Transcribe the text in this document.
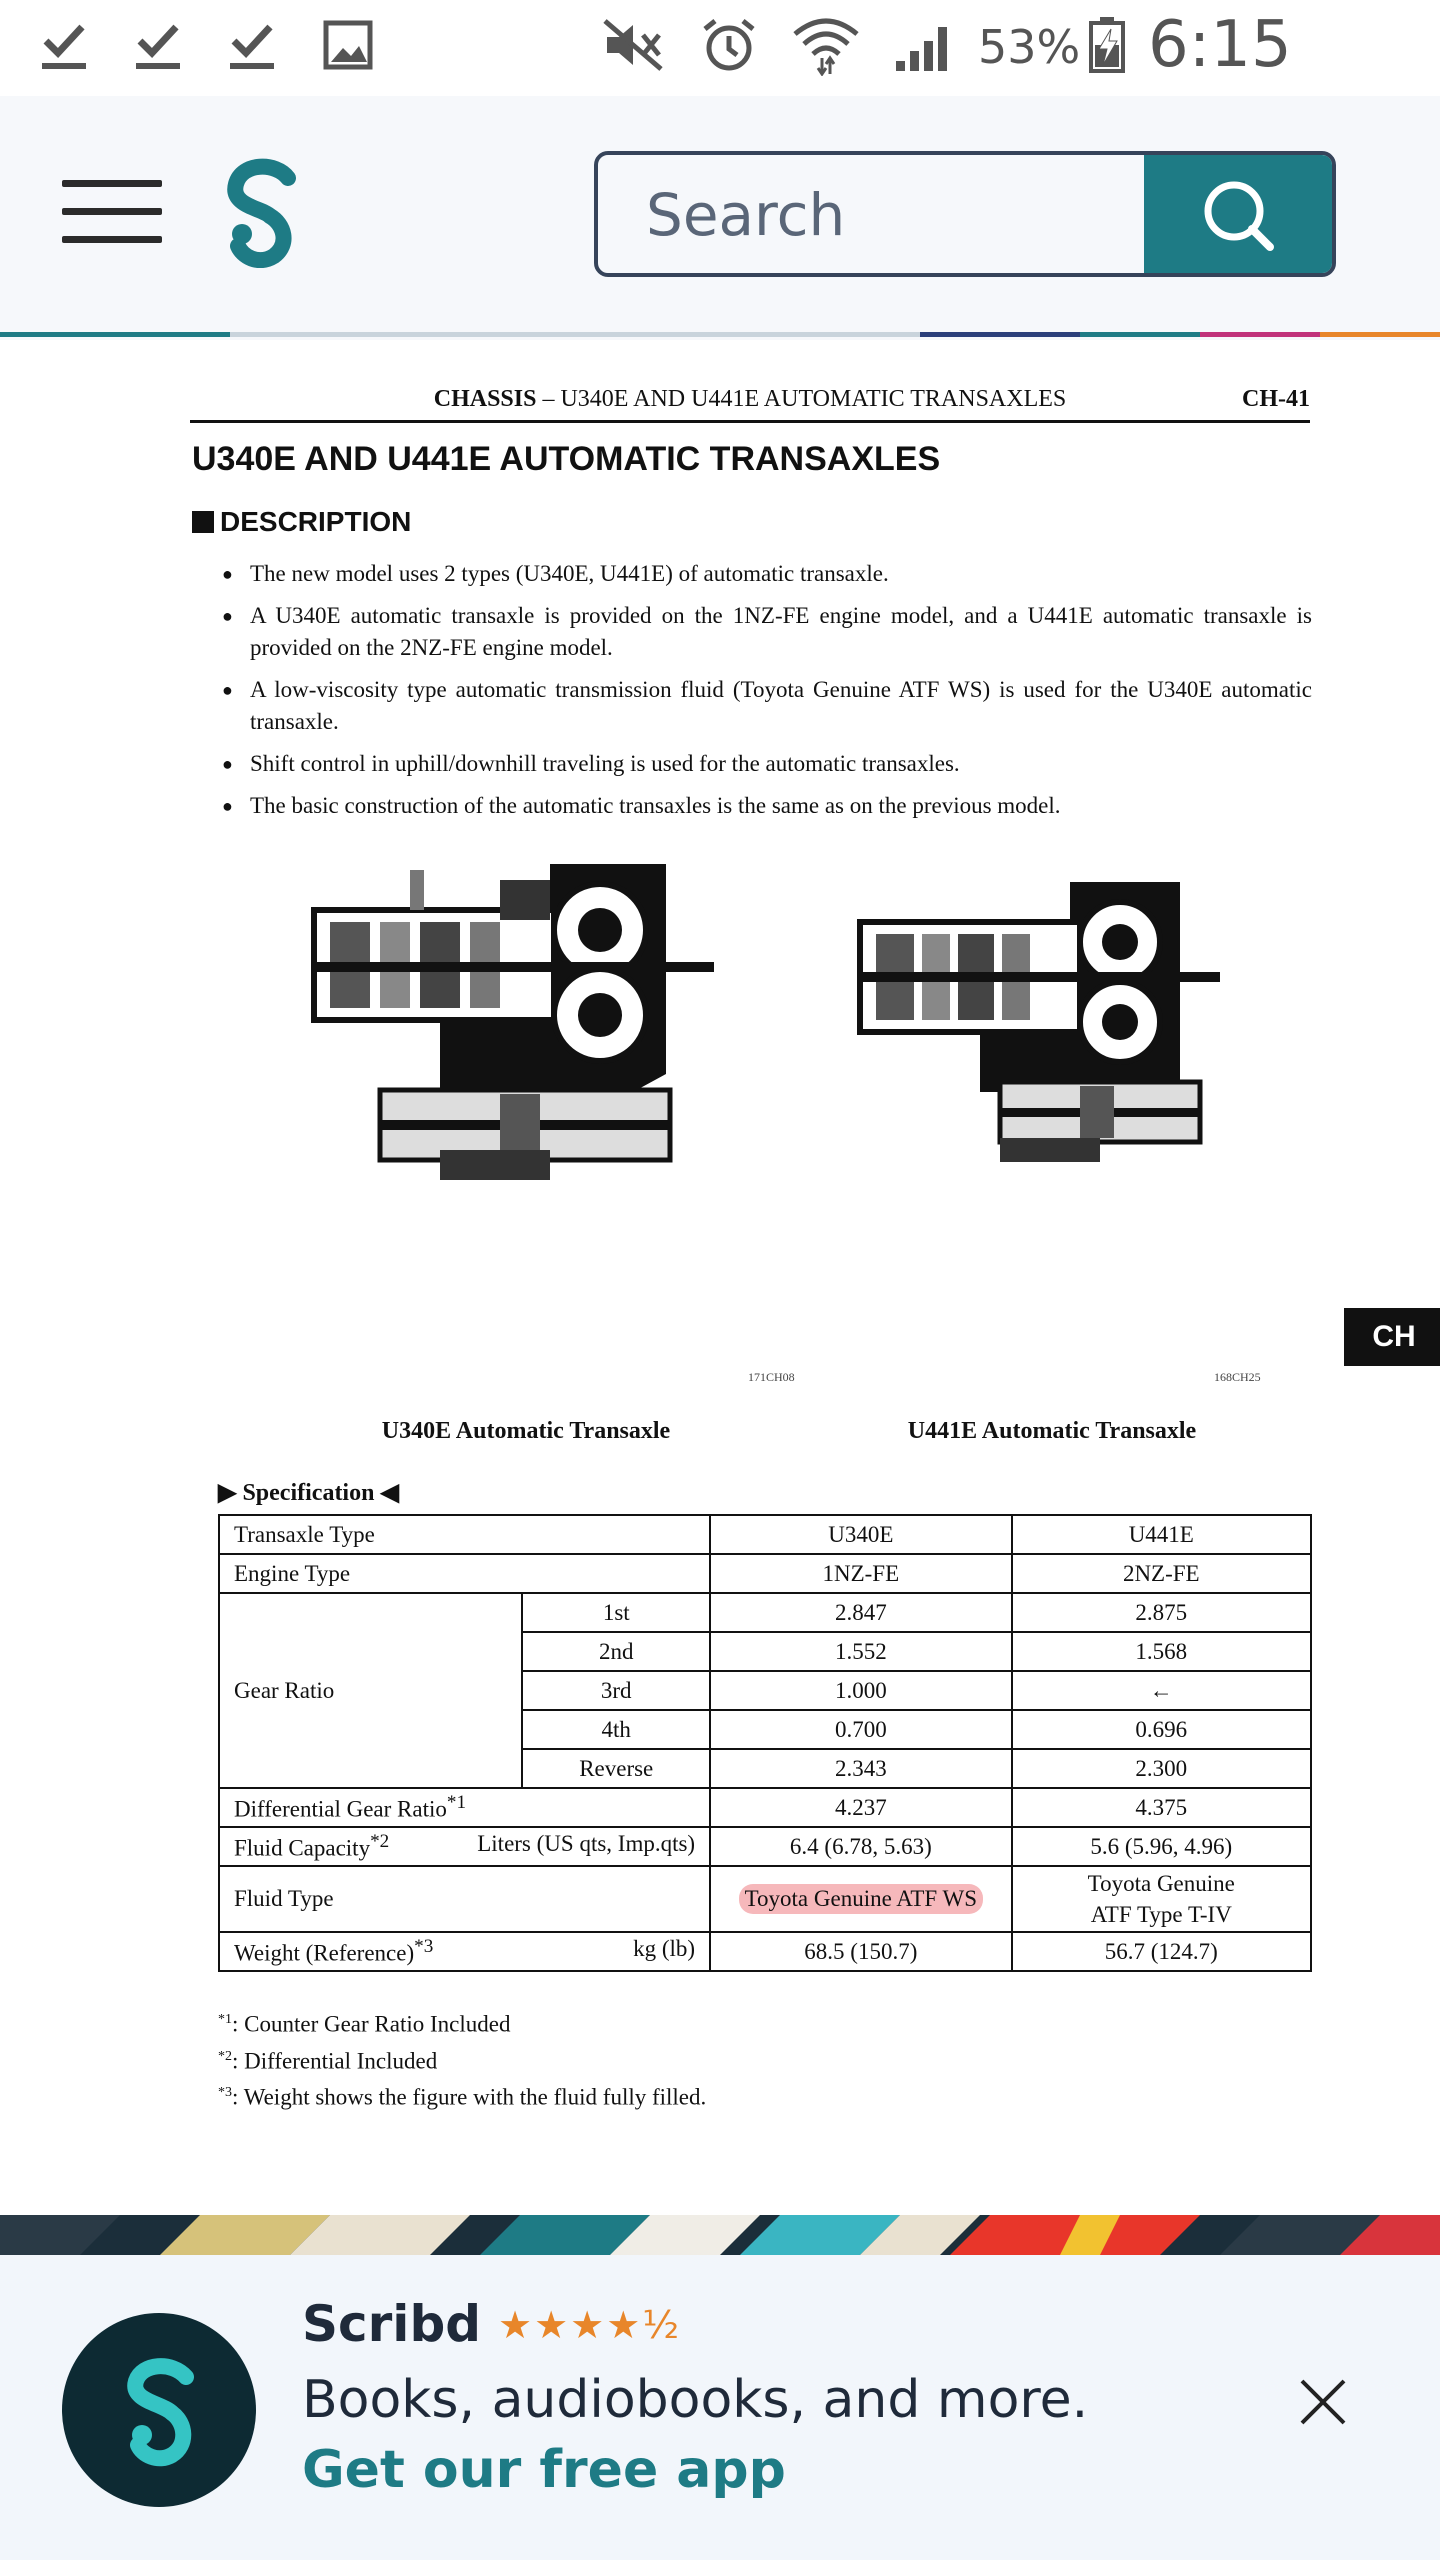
53% 6:15
Search
CHASSIS – U340E AND U441E AUTOMATIC TRANSAXLES	CH-41
U340E AND U441E AUTOMATIC TRANSAXLES
DESCRIPTION
● The new model uses 2 types (U340E, U441E) of automatic transaxle.
● A U340E automatic transaxle is provided on the 1NZ-FE engine model, and a U441E automatic transaxle is provided on the 2NZ-FE engine model.
● A low-viscosity type automatic transmission fluid (Toyota Genuine ATF WS) is used for the U340E automatic transaxle.
● Shift control in uphill/downhill traveling is used for the automatic transaxles.
● The basic construction of the automatic transaxles is the same as on the previous model.
171CH08
U340E Automatic Transaxle
168CH25
U441E Automatic Transaxle
▶ Specification ◀
Transaxle Type		U340E	U441E
Engine Type		1NZ-FE	2NZ-FE
Gear Ratio	1st	2.847	2.875
	2nd	1.552	1.568
	3rd	1.000	←
	4th	0.700	0.696
	Reverse	2.343	2.300
Differential Gear Ratio$^{*1}$		4.237	4.375
Fluid Capacity$^{*2}$ Liters (US qts, Imp.qts)		6.4 (6.78, 5.63)	5.6 (5.96, 4.96)
Fluid Type		Toyota Genuine ATF WS	Toyota Genuine
ATF Type T-IV

Weight (Reference)$^{*3}$ kg (lb)		68.5 (150.7)	56.7 (124.7)
$^{*1}$: Counter Gear Ratio Included
$^{*2}$: Differential Included
$^{*3}$: Weight shows the figure with the fluid fully filled.
CH
Scribd ★★★★½
Books, audiobooks, and more.
Get our free app
